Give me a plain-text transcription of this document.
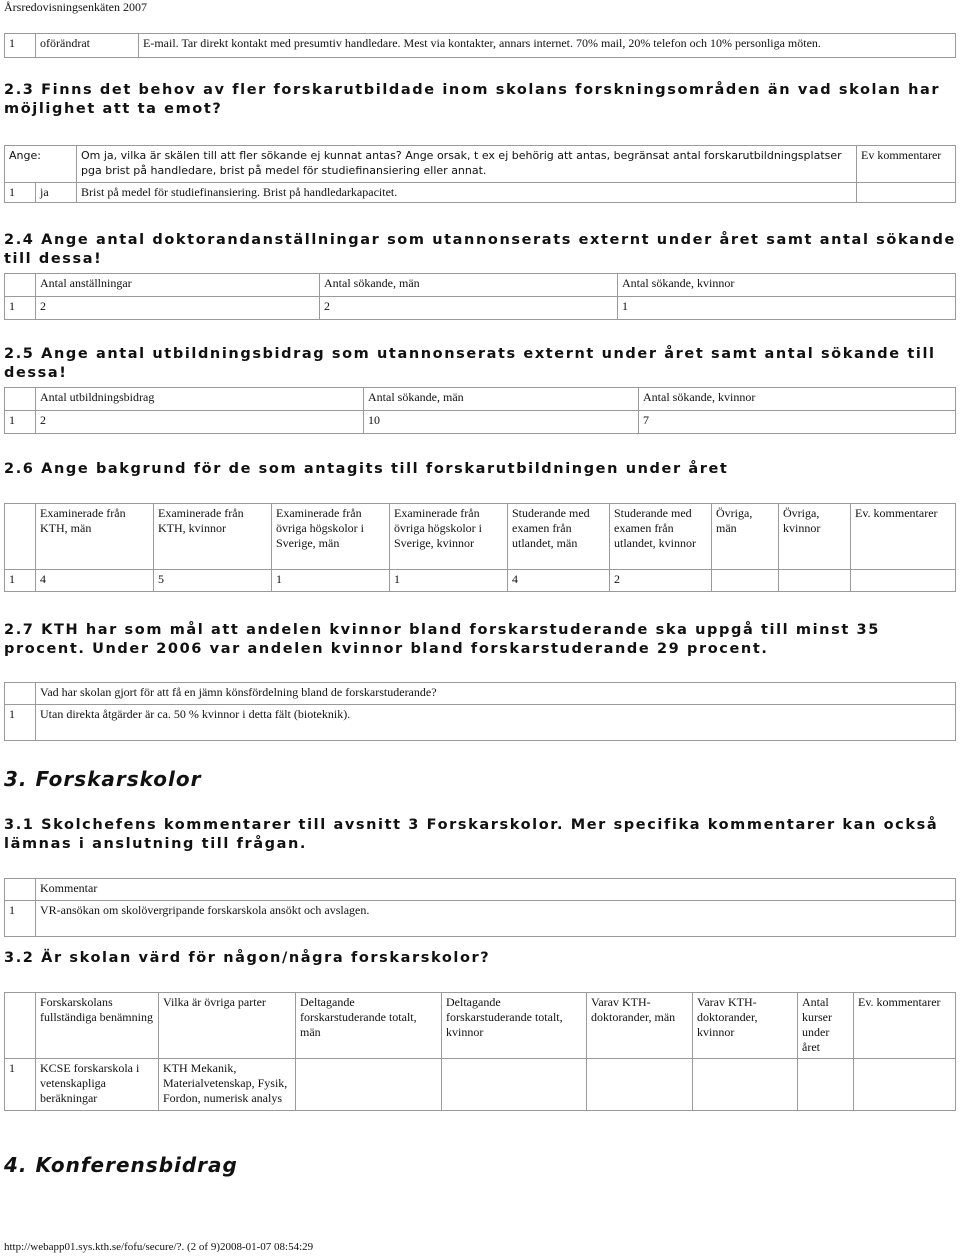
Årsredovisningsenkäten 2007
1	oförändrat	E-mail. Tar direkt kontakt med presumtiv handledare. Mest via kontakter, annars internet. 70% mail, 20% telefon och 10% personliga möten.
2.3 Finns det behov av fler forskarutbildade inom skolans forskningsområden än vad skolan har möjlighet att ta emot?
Ange:		Om ja, vilka är skälen till att fler sökande ej kunnat antas? Ange orsak, t ex ej behörig att antas, begränsat antal forskarutbildningsplatser pga brist på handledare, brist på medel för studiefinansiering eller annat.	Ev kommentarer
1	ja	Brist på medel för studiefinansiering. Brist på handledarkapacitet.	
2.4 Ange antal doktorandanställningar som utannonserats externt under året samt antal sökande till dessa!
	Antal anställningar	Antal sökande, män	Antal sökande, kvinnor
1	2	2	1
2.5 Ange antal utbildningsbidrag som utannonserats externt under året samt antal sökande till dessa!
	Antal utbildningsbidrag	Antal sökande, män	Antal sökande, kvinnor
1	2	10	7
2.6 Ange bakgrund för de som antagits till forskarutbildningen under året
	Examinerade från KTH, män	Examinerade från KTH, kvinnor	Examinerade från övriga högskolor i Sverige, män	Examinerade från övriga högskolor i Sverige, kvinnor	Studerande med examen från utlandet, män	Studerande med examen från utlandet, kvinnor	Övriga, män	Övriga, kvinnor	Ev. kommentarer
1	4	5	1	1	4	2			
2.7 KTH har som mål att andelen kvinnor bland forskarstuderande ska uppgå till minst 35 procent. Under 2006 var andelen kvinnor bland forskarstuderande 29 procent.
	Vad har skolan gjort för att få en jämn könsfördelning bland de forskarstuderande?
1	Utan direkta åtgärder är ca. 50 % kvinnor i detta fält (bioteknik).
3. Forskarskolor
3.1 Skolchefens kommentarer till avsnitt 3 Forskarskolor. Mer specifika kommentarer kan också lämnas i anslutning till frågan.
	Kommentar
1	VR-ansökan om skolövergripande forskarskola ansökt och avslagen.
3.2 Är skolan värd för någon/några forskarskolor?
	Forskarskolans fullständiga benämning	Vilka är övriga parter	Deltagande forskarstuderande totalt, män	Deltagande forskarstuderande totalt, kvinnor	Varav KTH-doktorander, män	Varav KTH-doktorander, kvinnor	Antal kurser under året	Ev. kommentarer
1	KCSE forskarskola i vetenskapliga beräkningar	KTH Mekanik, Materialvetenskap, Fysik, Fordon, numerisk analys						
4. Konferensbidrag
http://webapp01.sys.kth.se/fofu/secure/?. (2 of 9)2008-01-07 08:54:29
